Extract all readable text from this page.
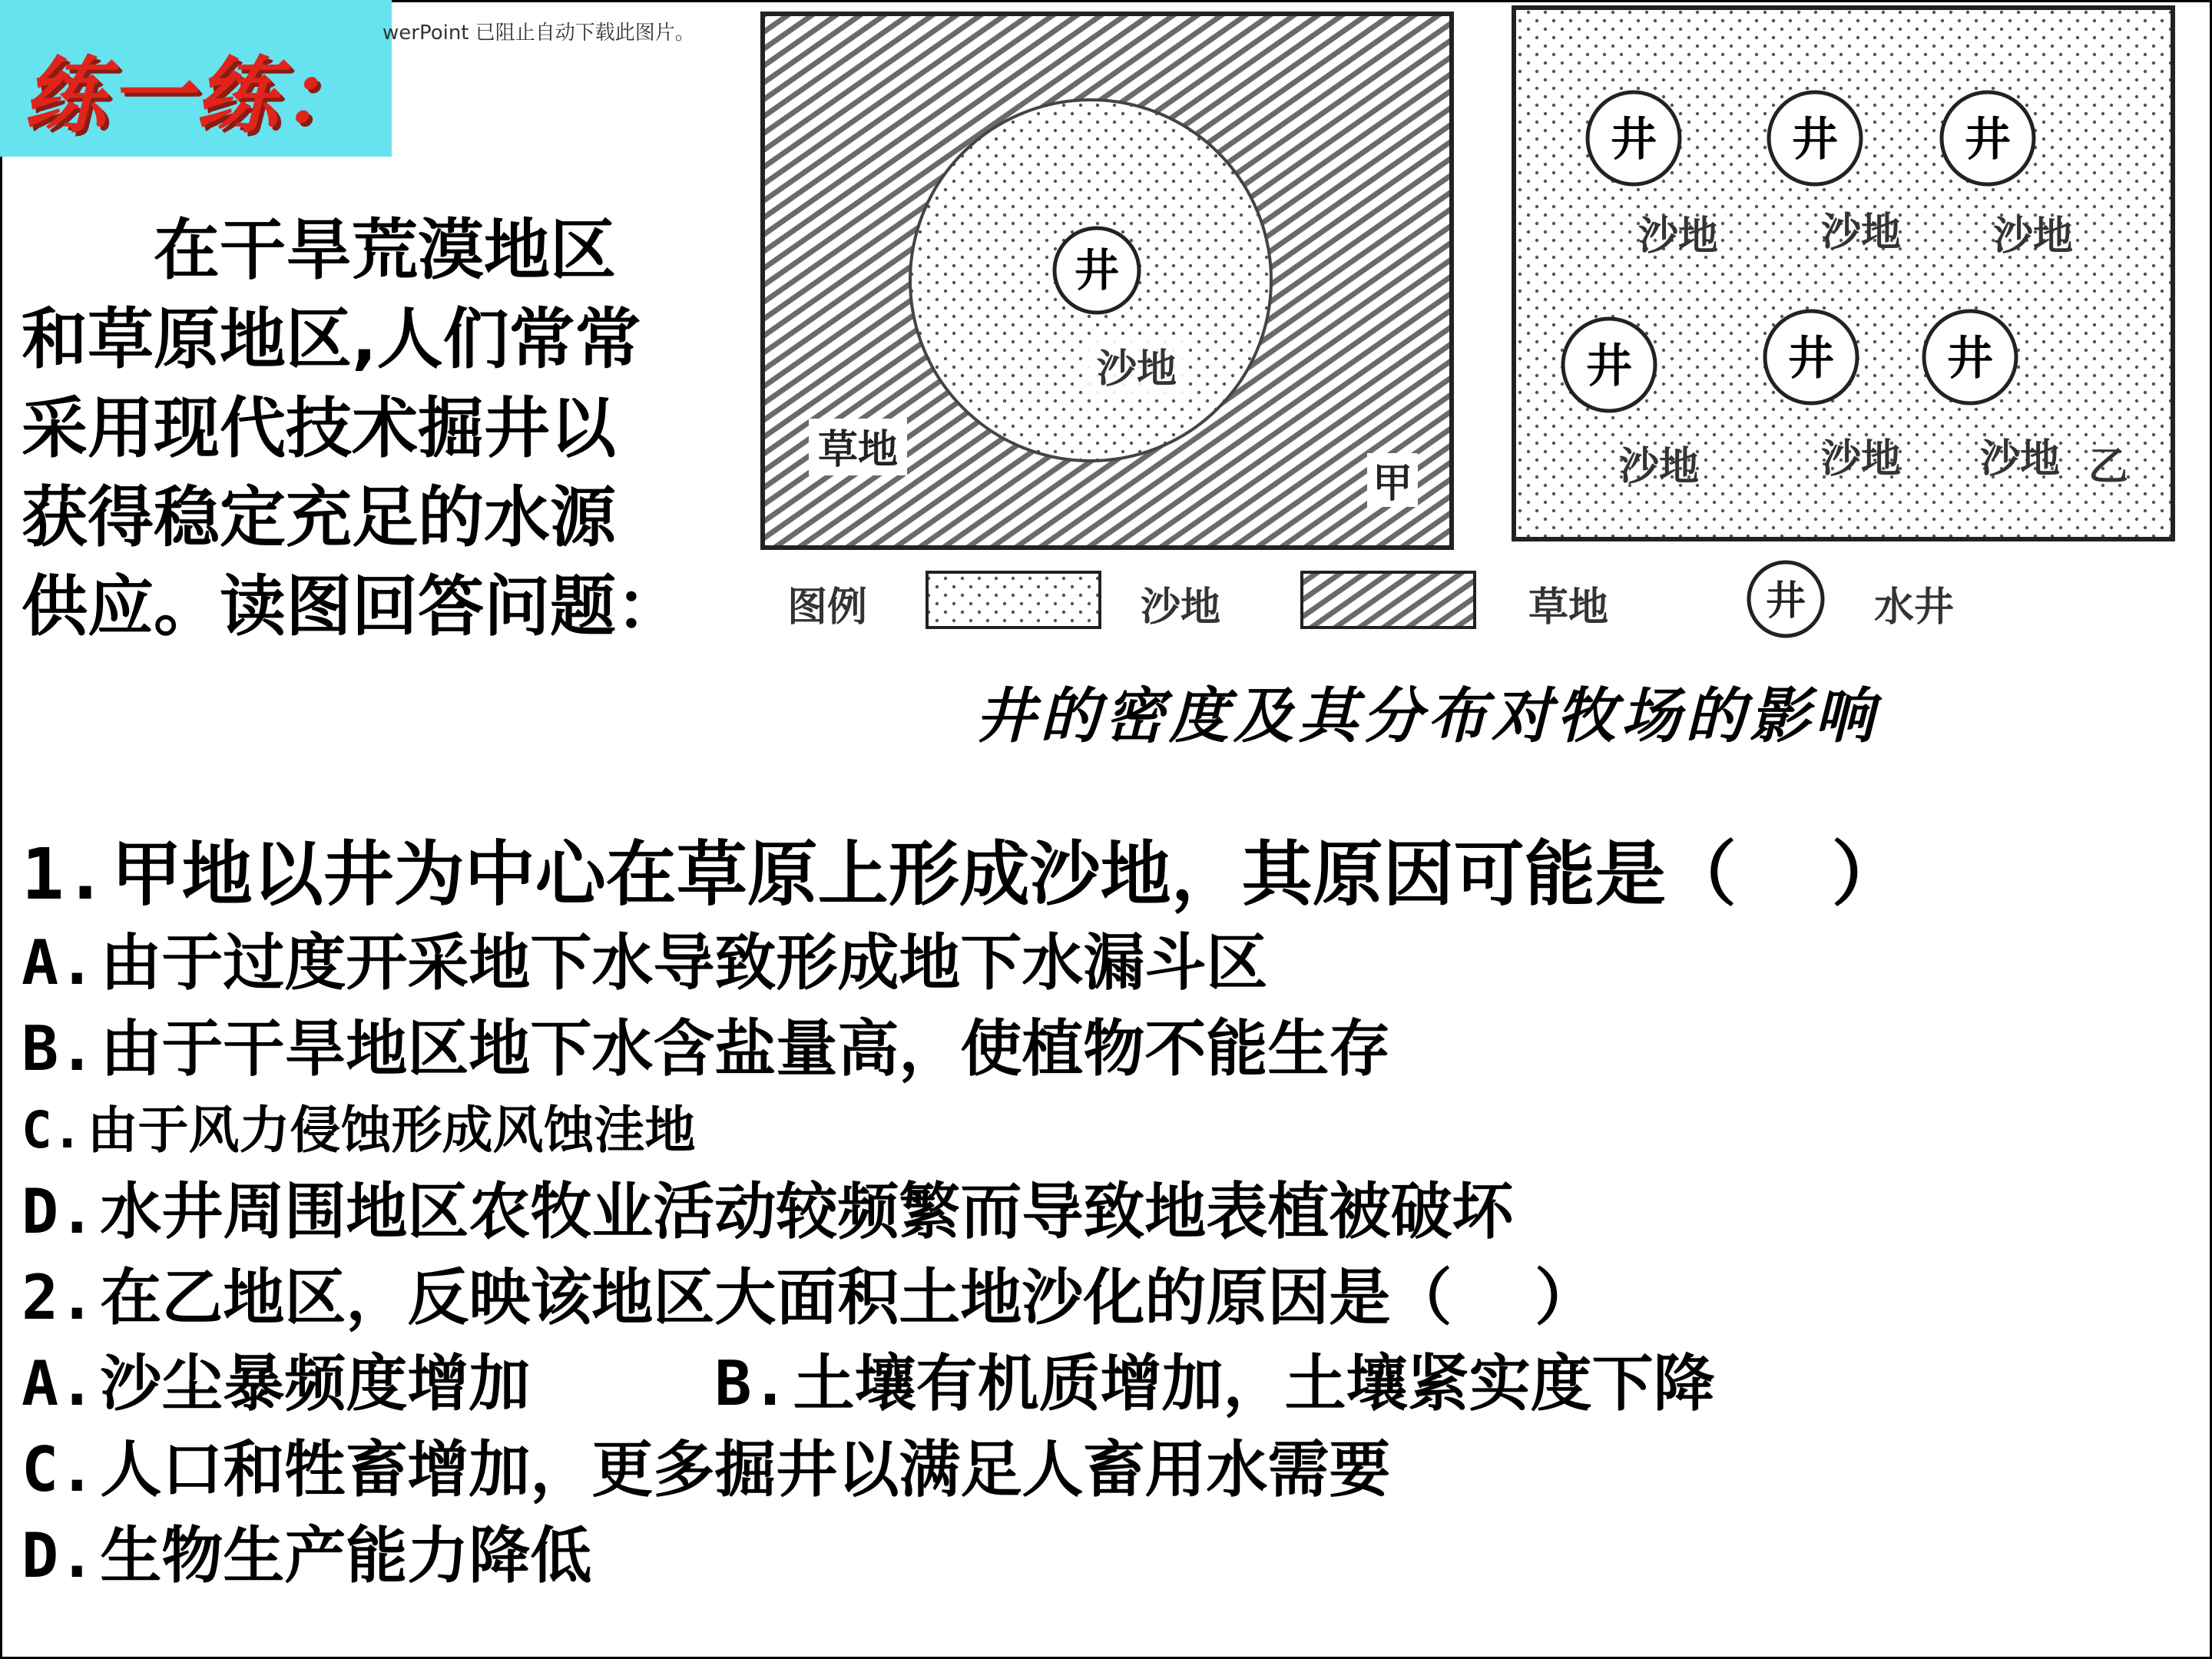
练一练：
werPoint 已阻止自动下载此图片。

　　在干旱荒漠地区

和草原地区,人们常常

采用现代技术掘井以

获得稳定充足的水源

供应。读图回答问题：

井
沙地
草地
甲
井	井	井
井	井 井
沙地	沙地 沙地
沙地	沙地 沙地 乙
图例	沙地	草地	井 水井
井的密度及其分布对牧场的影响
1.甲地以井为中心在草原上形成沙地，其原因可能是（　 ）
A.由于过度开采地下水导致形成地下水漏斗区
B.由于干旱地区地下水含盐量高，使植物不能生存
C.由于风力侵蚀形成风蚀洼地
D.水井周围地区农牧业活动较频繁而导致地表植被破坏
2.在乙地区，反映该地区大面积土地沙化的原因是（　 ）
A.沙尘暴频度增加	B.土壤有机质增加，土壤紧实度下降
C.人口和牲畜增加，更多掘井以满足人畜用水需要
D.生物生产能力降低
